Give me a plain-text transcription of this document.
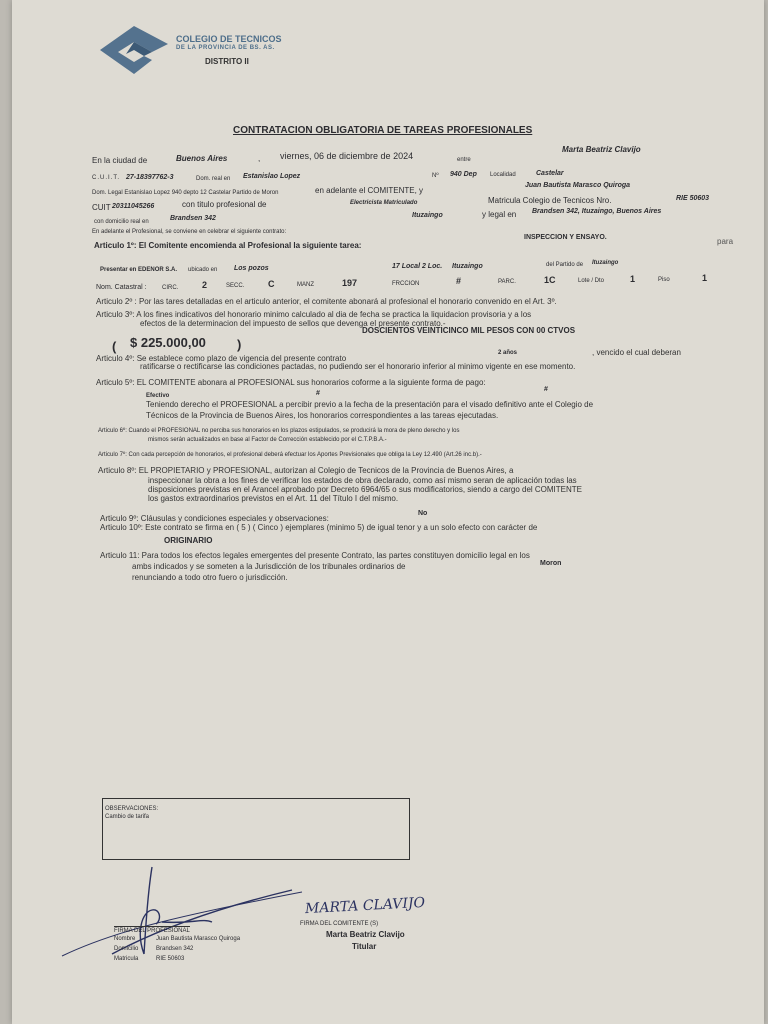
COLEGIO DE TECNICOS
DE LA PROVINCIA DE BS. AS.
DISTRITO II
CONTRATACION OBLIGATORIA DE TAREAS PROFESIONALES
Marta Beatriz Clavijo
En la ciudad de	Buenos Aires	, viernes, 06 de diciembre de 2024	entre
C.U.I.T. 27-18397762-3	Dom. real en Estanislao Lopez	Nº 940 Dep Localidad	Castelar
Dom. Legal Estanislao Lopez 940 depto 12 Castelar Partido de Moron	en adelante el COMITENTE, y
Juan Bautista Marasco Quiroga
CUIT 20311045266	con titulo profesional de	Electricista Matriculado	Matricula Colegio de Tecnicos Nro.	RIE 50603
con domicilio real en	Brandsen 342	Ituzaingo	y legal en Brandsen 342, Ituzaingo, Buenos Aires
En adelante el Profesional, se conviene en celebrar el siguiente contrato:
Articulo 1º: El Comitente encomienda al Profesional la siguiente tarea:
INSPECCION Y ENSAYO.	para
Presentar en EDENOR S.A. ubicado en Los pozos	17 Local 2 Loc. Ituzaingo	del Partido de Ituzaingo
Nom. Catastral :	CIRC.	2	SECC.	C	MANZ	197	FRCCION	#	PARC.	1C	Lote / Dto	1	Piso	1
Articulo 2º : Por las tares detalladas en el articulo anterior, el comitente abonará al profesional el honorario convenido en el Art. 3º.
Articulo 3º: A los fines indicativos del honorario minimo calculado al dia de fecha se practica la liquidacion provisoria y a los
efectos de la determinacion del impuesto de sellos que devenga el presente contrato.-
DOSCIENTOS VEINTICINCO MIL PESOS CON 00 CTVOS
( $ 225.000,00 )
Articulo 4º: Se establece como plazo de vigencia del presente contrato
2 años	, vencido el cual deberan
ratificarse o rectificarse las condiciones pactadas, no pudiendo ser el honorario inferior al minimo vigente en ese momento.
Articulo 5º: EL COMITENTE abonara al PROFESIONAL sus honorarios coforme a la siguiente forma de pago:
Efectivo	#
#
Teniendo derecho el PROFESIONAL a percibir previo a la fecha de la presentación para el visado definitivo ante el Colegio de
Técnicos de la Provincia de Buenos Aires, los honorarios correspondientes a las tareas ejecutadas.
Articulo 6º: Cuando el PROFESIONAL no perciba sus honorarios en los plazos estipulados, se producirá la mora de pleno derecho y los
mismos serán actualizados en base al Factor de Corrección establecido por el C.T.P.B.A.-
Articulo 7º: Con cada percepción de honorarios, el profesional deberá efectuar los Aportes Previsionales que obliga la Ley 12.490 (Art.26 inc.b).-
Articulo 8º: EL PROPIETARIO y PROFESIONAL, autorizan al Colegio de Tecnicos de la Provincia de Buenos Aires, a
inspeccionar la obra a los fines de verificar los estados de obra declarado, como así mismo seran de aplicación todas las
disposiciones previstas en el Arancel aprobado por Decreto 6964/65 o sus modificatorios, siendo a cargo del COMITENTE
los gastos extraordinarios previstos en el Art. 11 del Título I del mismo.
Articulo 9º: Cláusulas y condiciones especiales y observaciones:
No
Articulo 10º: Este contrato se firma en ( 5 ) ( Cinco ) ejemplares (minimo 5) de igual tenor y a un solo efecto con carácter de
ORIGINARIO
Articulo 11: Para todos los efectos legales emergentes del presente Contrato, las partes constituyen domicilio legal en los
ambs indicados y se someten a la Jurisdicción de los tribunales ordinarios de	Moron
renunciando a todo otro fuero o jurisdicción.
OBSERVACIONES:
Cambio de tarifa
FIRMA DEL PROFESIONAL
Nombre	Juan Bautista Marasco Quiroga
Domicilio	Brandsen 342
Matricula	RIE 50603
MARTA CLAVIJO
FIRMA DEL COMITENTE (S)
Marta Beatriz Clavijo
Titular
